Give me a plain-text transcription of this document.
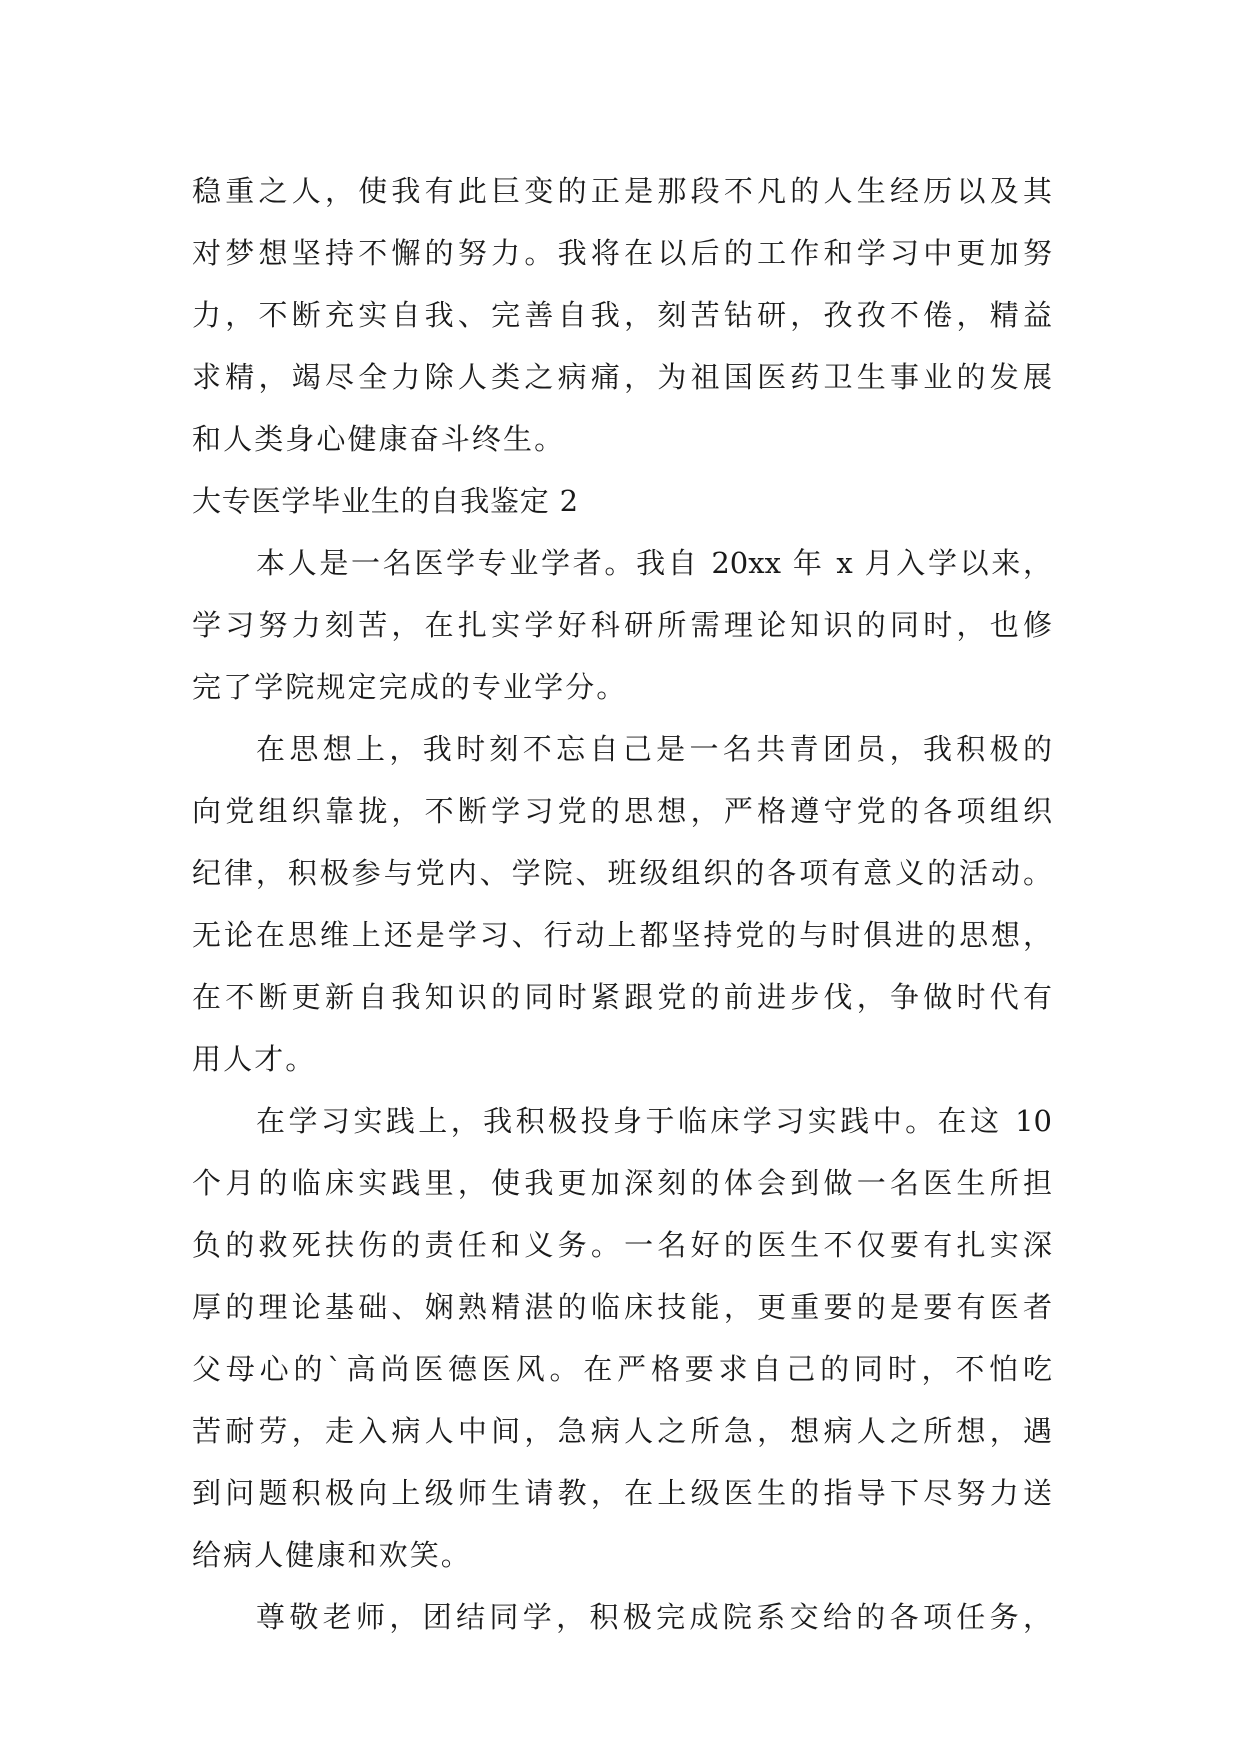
稳重之人，使我有此巨变的正是那段不凡的人生经历以及其
对梦想坚持不懈的努力。我将在以后的工作和学习中更加努
力，不断充实自我、完善自我，刻苦钻研，孜孜不倦，精益
求精，竭尽全力除人类之病痛，为祖国医药卫生事业的发展
和人类身心健康奋斗终生。
大专医学毕业生的自我鉴定 2
本人是一名医学专业学者。我自 20xx 年 x 月入学以来，
学习努力刻苦，在扎实学好科研所需理论知识的同时，也修
完了学院规定完成的专业学分。
在思想上，我时刻不忘自己是一名共青团员，我积极的
向党组织靠拢，不断学习党的思想，严格遵守党的各项组织
纪律，积极参与党内、学院、班级组织的各项有意义的活动。
无论在思维上还是学习、行动上都坚持党的与时俱进的思想，
在不断更新自我知识的同时紧跟党的前进步伐，争做时代有
用人才。
在学习实践上，我积极投身于临床学习实践中。在这 10
个月的临床实践里，使我更加深刻的体会到做一名医生所担
负的救死扶伤的责任和义务。一名好的医生不仅要有扎实深
厚的理论基础、娴熟精湛的临床技能，更重要的是要有医者
父母心的`高尚医德医风。在严格要求自己的同时，不怕吃
苦耐劳，走入病人中间，急病人之所急，想病人之所想，遇
到问题积极向上级师生请教，在上级医生的指导下尽努力送
给病人健康和欢笑。
尊敬老师，团结同学，积极完成院系交给的各项任务，
